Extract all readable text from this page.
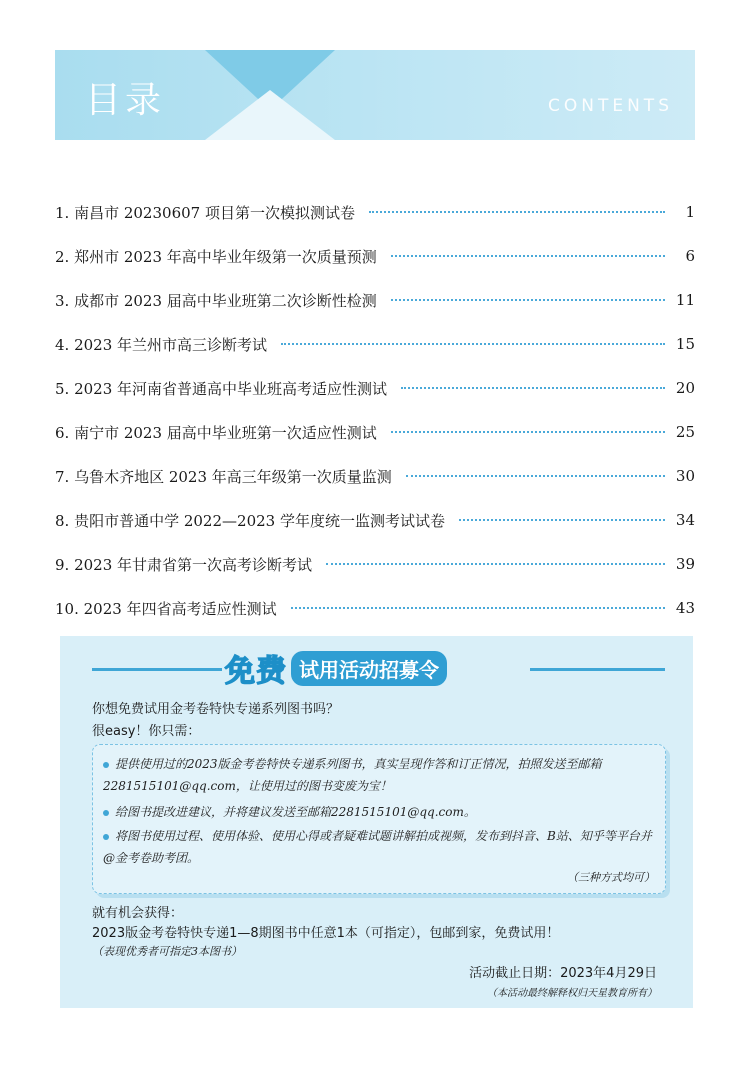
目录	CONTENTS
1. 南昌市 20230607 项目第一次模拟测试卷	1
2. 郑州市 2023 年高中毕业年级第一次质量预测	6
3. 成都市 2023 届高中毕业班第二次诊断性检测	11
4. 2023 年兰州市高三诊断考试	15
5. 2023 年河南省普通高中毕业班高考适应性测试	20
6. 南宁市 2023 届高中毕业班第一次适应性测试	25
7. 乌鲁木齐地区 2023 年高三年级第一次质量监测	30
8. 贵阳市普通中学 2022—2023 学年度统一监测考试试卷	34
9. 2023 年甘肃省第一次高考诊断考试	39
10. 2023 年四省高考适应性测试	43
免费 试用活动招募令
你想免费试用金考卷特快专递系列图书吗？
很easy！你只需：
提供使用过的2023版金考卷特快专递系列图书，真实呈现作答和订正情况，拍照发送至邮箱2281515101@qq.com，让使用过的图书变废为宝！
给图书提改进建议，并将建议发送至邮箱2281515101@qq.com。
将图书使用过程、使用体验、使用心得或者疑难试题讲解拍成视频，发布到抖音、B站、知乎等平台并@金考卷助考团。
（三种方式均可）
就有机会获得：
2023版金考卷特快专递1—8期图书中任意1本（可指定），包邮到家，免费试用！
（表现优秀者可指定3本图书）
活动截止日期：2023年4月29日
（本活动最终解释权归天星教育所有）
